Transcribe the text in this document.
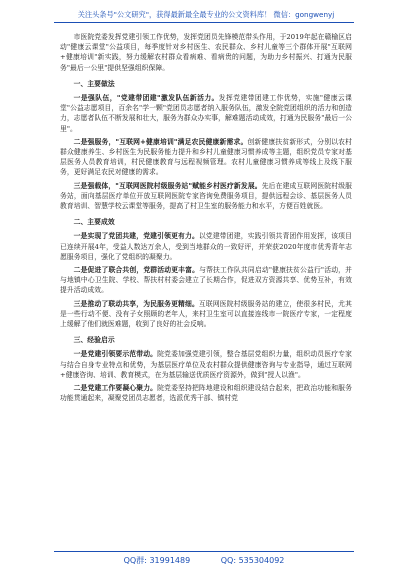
关注头条号"公文研究"，获得最新最全最专业的公文资料库！ 微信：gongwenyj

市医院党委发挥党建引领工作优势，发挥党团员先锋模范带头作用，于2019年起在赣榆区启动"健康云课堂"公益项目，每季度针对乡村医生、农民群众、乡村儿童等三个群体开展"互联网+健康培训"新实践，努力缓解农村群众看病难、看病贵的问题，为助力乡村振兴、打通为民服务"最后一公里"提供坚强组织保障。

一、主要做法

一是强队伍，"党建带团建"激发队伍新活力。发挥党建带团建工作优势，实施"健康云课堂"公益志愿项目，百余名"学一颗"党团员志愿者纳入服务队伍，激发全院党团组织的活力和创造力，志愿者队伍不断发展和壮大，服务为群众办实事，解难题活动成效，打通为民服务"最后一公里"。

二是强服务，"互联网+健康培训"满足农民健康新需求。创新健康扶贫新形式，分别以农村群众健康养生、乡村医生为民服务能力提升和乡村儿童健康习惯养成等主题，组织党员专家对基层医务人员教育培训，村民健康教育与远程视频管理。农村儿童健康习惯养成等线上及线下服务，更好满足农民对健康的需求。

三是强载体，"互联网医院村级服务站"赋能乡村医疗新发展。先后在建成互联网医院村级服务站，面向基层医疗单位开放互联网医院专家咨询免费服务项目，提供远程会诊、基层医务人员教育培训、智慧学校云课堂等服务，提高了村卫生室的服务能力和水平，方便百姓就医。

二、主要成效

一是实现了党团共建，党建引领更有力。以党建带团建，实践引领共青团作用发挥，该项目已连续开展4年，受益人数达万余人，受到当地群众的一致好评，并荣获2020年度市优秀青年志愿服务项目，强化了党组织的凝聚力。

二是促进了联合共创，党群活动更丰富。与帮扶工作队共同启动"健康扶贫公益行"活动，并与地镇中心卫生院、学校、帮扶村村委会建立了长期合作，促进双方资源共享、优势互补，有效提升活动成效。

三是推动了联动共享，为民服务更精细。互联网医院村级服务站的建立，使很多村民，尤其是一些行动不便、没有子女照顾的老年人，来村卫生室可以直接连线市一院医疗专家，一定程度上缓解了他们就医难题，收到了良好的社会反响。

三、经验启示

一是党建引领要示范带动。院党委加强党建引领，整合基层党组织力量，组织动员医疗专家与结合自身专业特点和优势，为基层医疗单位及农村群众提供健康咨询与专业指导，通过互联网+健康咨询、培训、教育模式，在为基层输送优质医疗资源外，做到"授人以渔"。

二是党建工作要凝心聚力。院党委坚持把阵地建设和组织建设结合起来，把政治功能和服务功能贯通起来，凝聚党团员志愿者，选派优秀干部、镇村党

QQ群: 31991489	QQ: 535304092
